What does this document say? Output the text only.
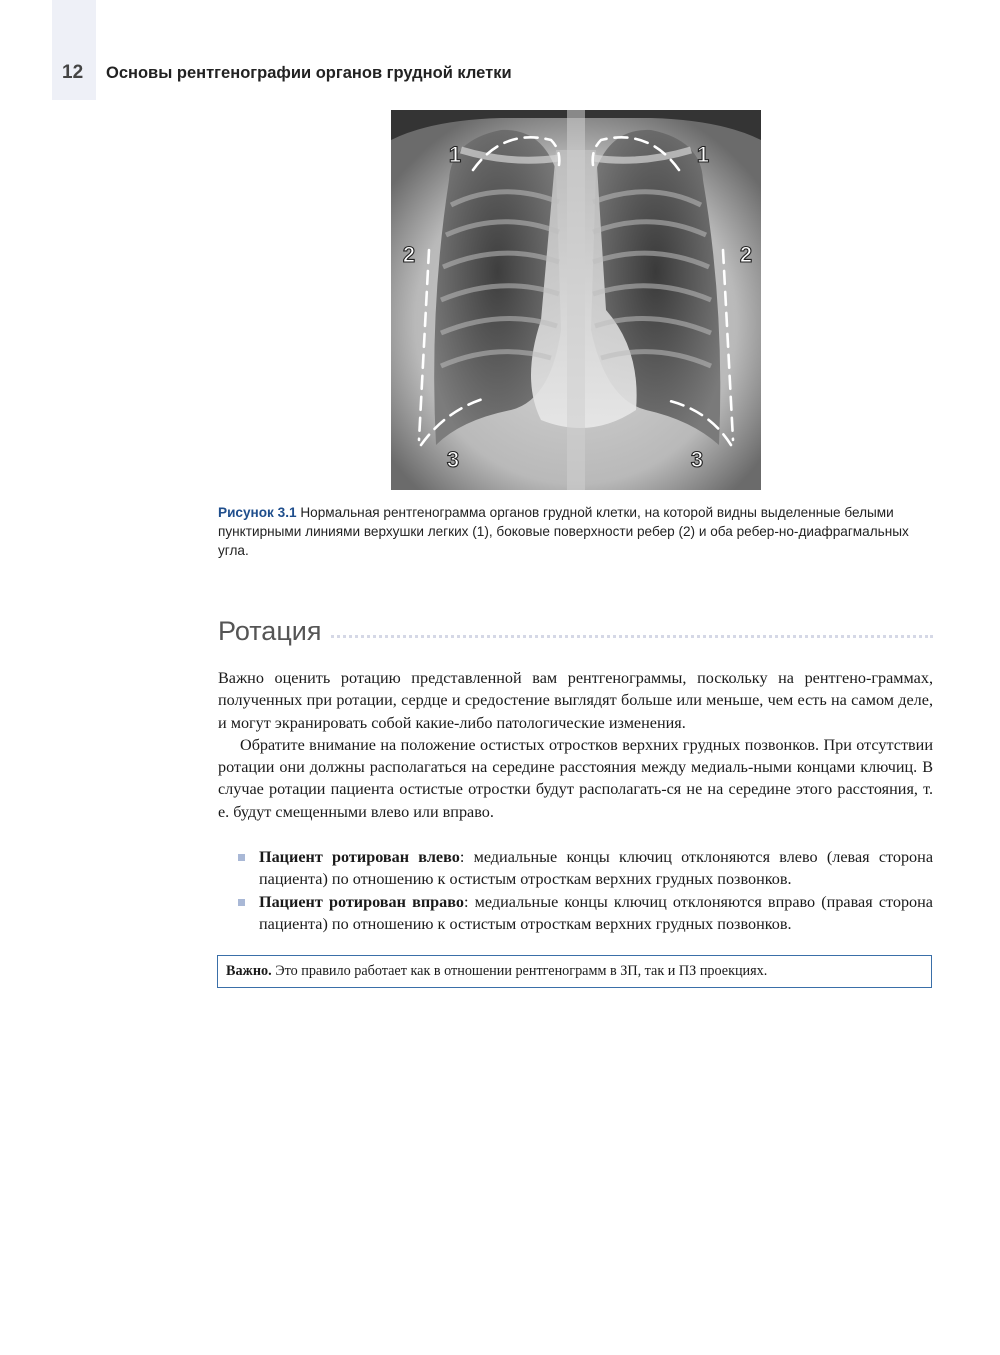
12 Основы рентгенографии органов грудной клетки
1	1
2	2
3	3
Рисунок 3.1 Нормальная рентгенограмма органов грудной клетки, на которой видны выделенные белыми пунктирными линиями верхушки легких (1), боковые поверхности ребер (2) и оба ребер-но-диафрагмальных угла.
Ротация

Важно оценить ротацию представленной вам рентгенограммы, поскольку на рентгено-граммах, полученных при ротации, сердце и средостение выглядят больше или меньше, чем есть на самом деле, и могут экранировать собой какие-либо патологические изменения.

Обратите внимание на положение остистых отростков верхних грудных позвонков. При отсутствии ротации они должны располагаться на середине расстояния между медиаль-ными концами ключиц. В случае ротации пациента остистые отростки будут располагать-ся не на середине этого расстояния, т. е. будут смещенными влево или вправо.

Пациент ротирован влево: медиальные концы ключиц отклоняются влево (левая сторона пациента) по отношению к остистым отросткам верхних грудных позвонков.
Пациент ротирован вправо: медиальные концы ключиц отклоняются вправо (правая сторона пациента) по отношению к остистым отросткам верхних грудных позвонков.
Важно. Это правило работает как в отношении рентгенограмм в ЗП, так и ПЗ проекциях.
